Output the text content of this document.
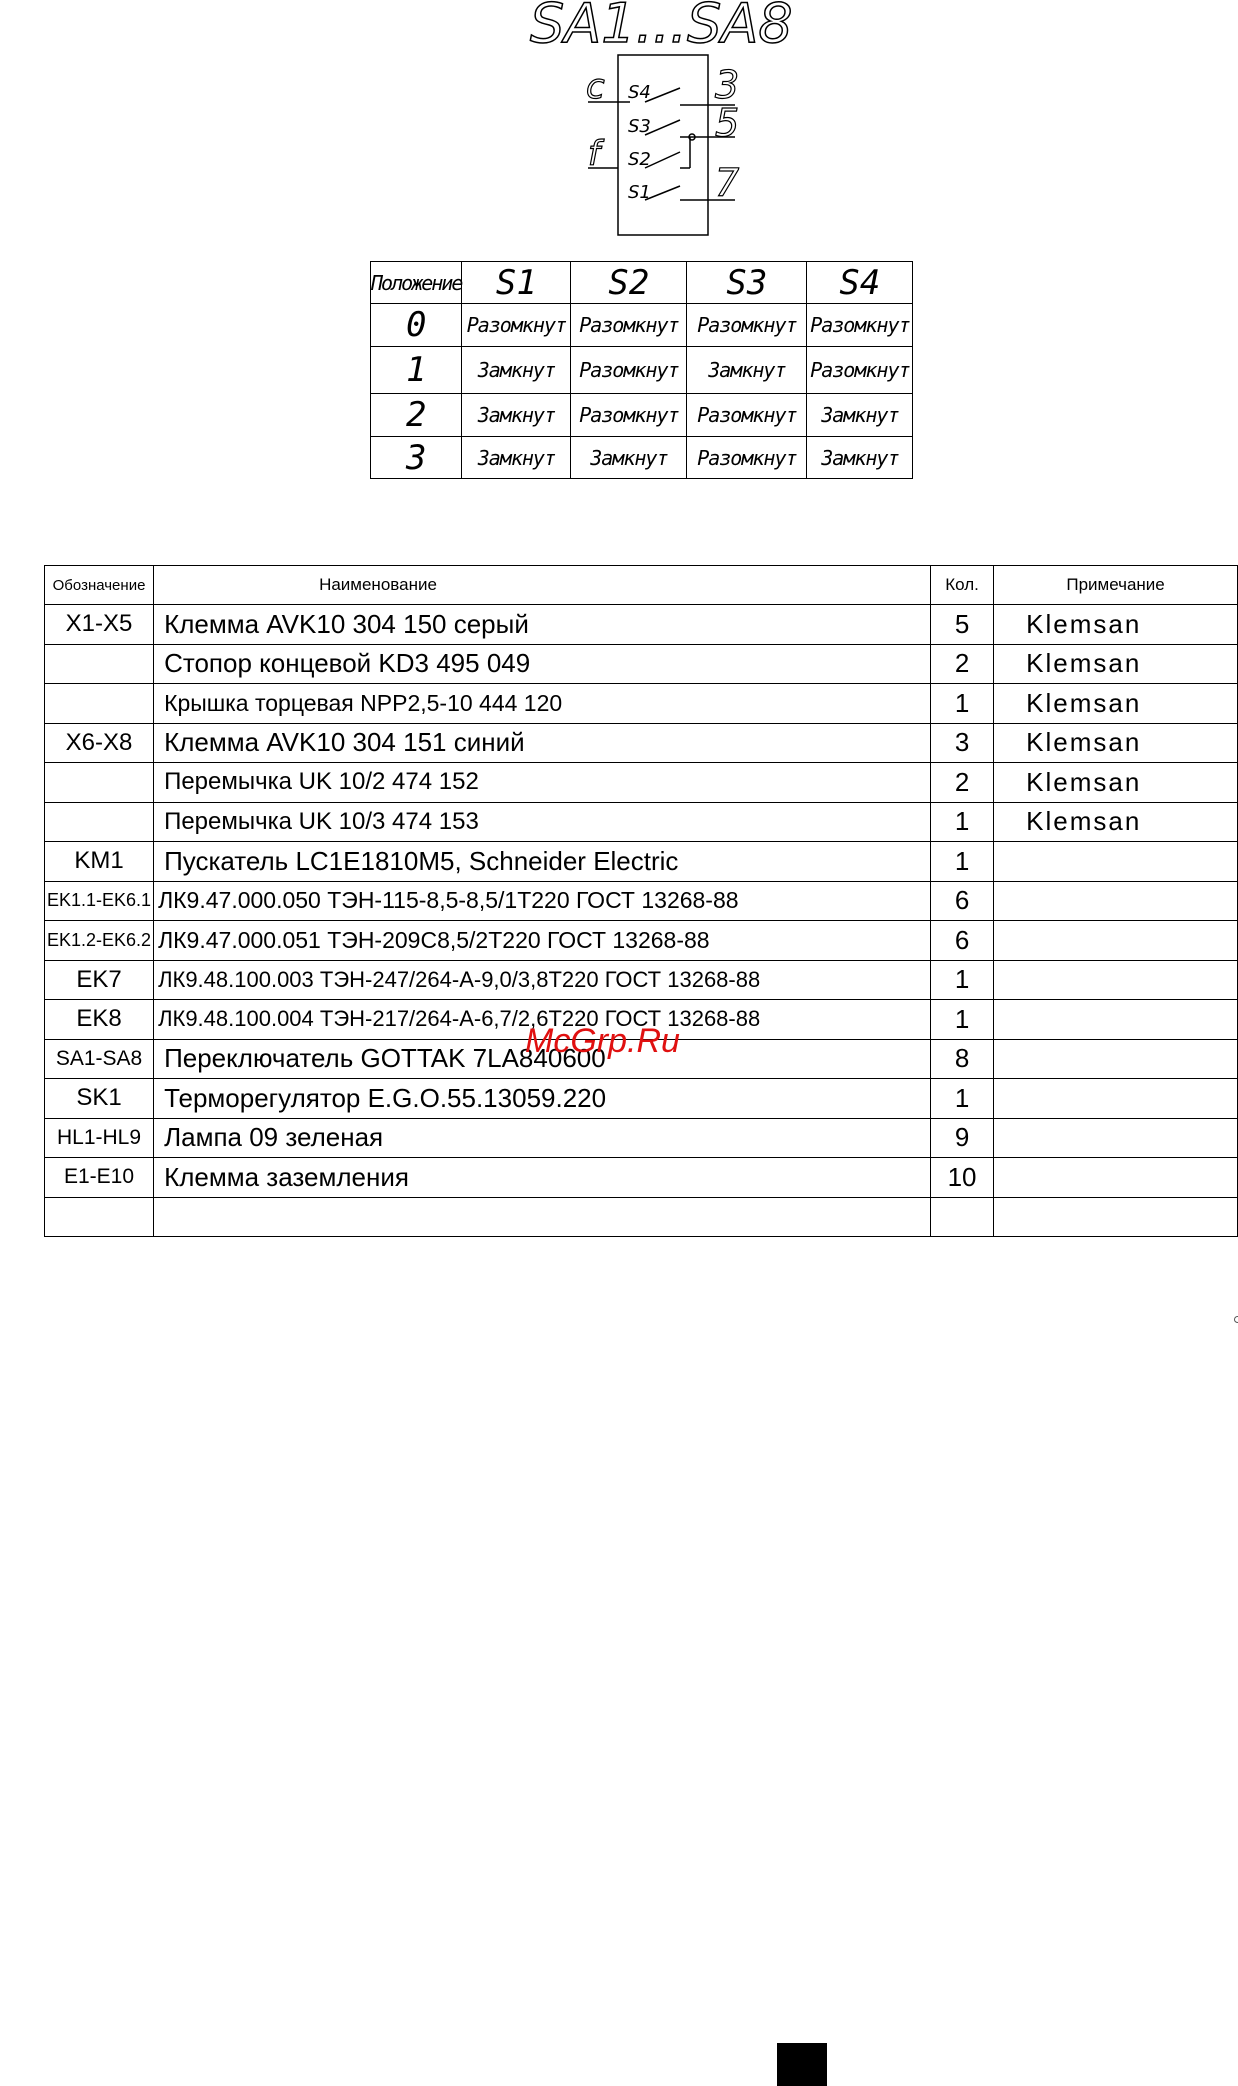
SA1...SA8
c
f
S4
S3
S2
S1
3
5
7
Положение	S1	S2	S3	S4
0	Разомкнут	Разомкнут	Разомкнут	Разомкнут
1	Замкнут	Разомкнут	Замкнут	Разомкнут
2	Замкнут	Разомкнут	Разомкнут	Замкнут
3	Замкнут	Замкнут	Разомкнут	Замкнут
Обозначение	Наименование	Кол.	Примечание
X1-X5	Клемма AVK10 304 150 серый	5	Klemsan
	Стопор концевой KD3 495 049	2	Klemsan
	Крышка торцевая NPP2,5-10 444 120	1	Klemsan
X6-X8	Клемма AVK10 304 151 синий	3	Klemsan
	Перемычка UK 10/2 474 152	2	Klemsan
	Перемычка UK 10/3 474 153	1	Klemsan
KM1	Пускатель LC1E1810M5, Schneider Electric	1	
EK1.1-EK6.1	ЛК9.47.000.050 ТЭН-115-8,5-8,5/1Т220 ГОСТ 13268-88	6	
EK1.2-EK6.2	ЛК9.47.000.051 ТЭН-209С8,5/2Т220 ГОСТ 13268-88	6	
EK7	ЛК9.48.100.003 ТЭН-247/264-А-9,0/3,8Т220 ГОСТ 13268-88	1	
EK8	ЛК9.48.100.004 ТЭН-217/264-А-6,7/2,6Т220 ГОСТ 13268-88	1	
SA1-SA8	Переключатель GOTTAK 7LA840600	8	
SK1	Терморегулятор E.G.O.55.13059.220	1	
HL1-HL9	Лампа 09 зеленая	9	
E1-E10	Клемма заземления	10	

McGrp.Ru
